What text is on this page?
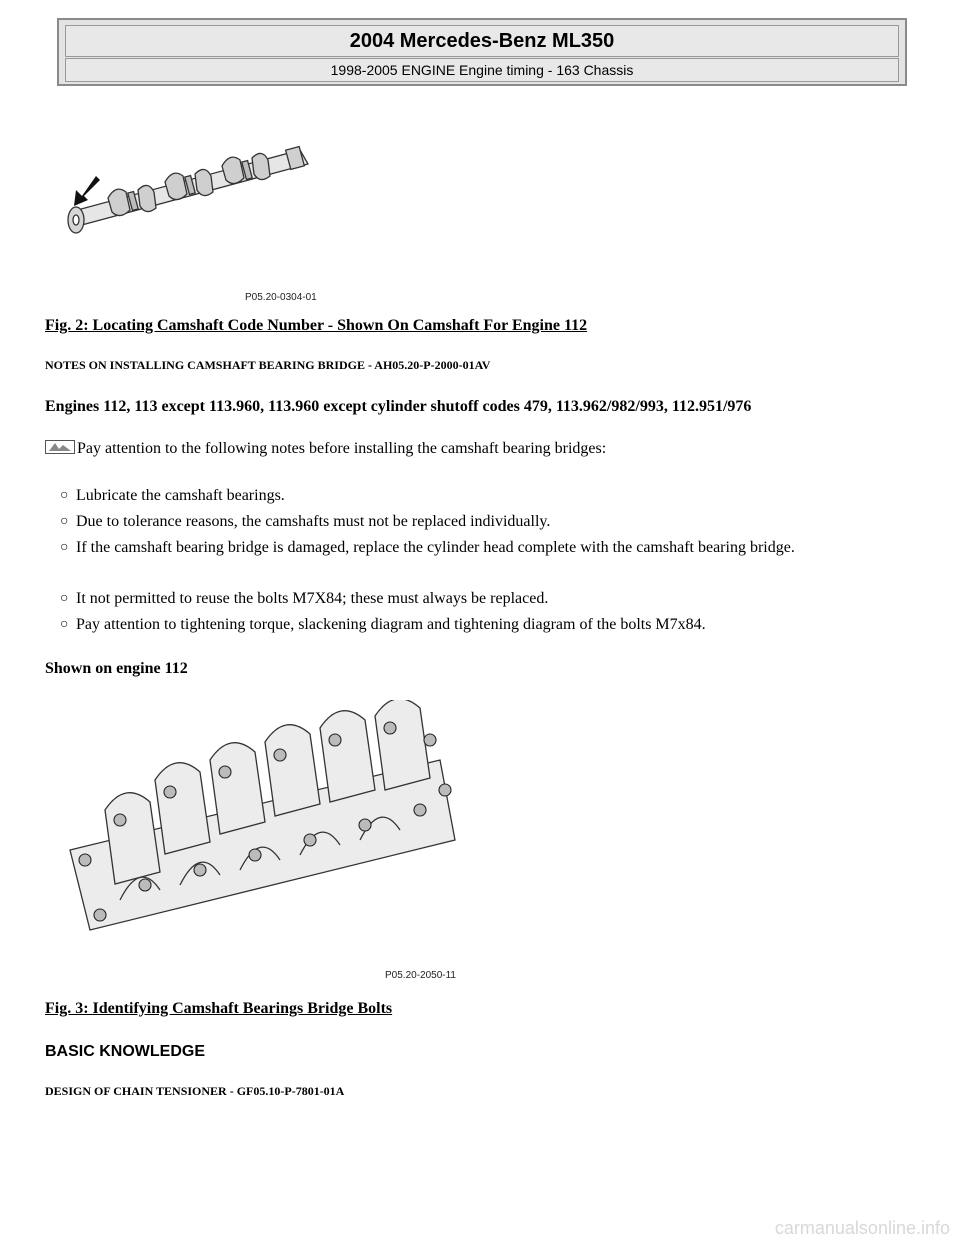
2004 Mercedes-Benz ML350
1998-2005 ENGINE Engine timing - 163 Chassis
P05.20-0304-01
Fig. 2: Locating Camshaft Code Number - Shown On Camshaft For Engine 112
NOTES ON INSTALLING CAMSHAFT BEARING BRIDGE - AH05.20-P-2000-01AV
Engines 112, 113 except 113.960, 113.960 except cylinder shutoff codes 479, 113.962/982/993, 112.951/976
Pay attention to the following notes before installing the camshaft bearing bridges:
○ Lubricate the camshaft bearings.
○ Due to tolerance reasons, the camshafts must not be replaced individually.
○ If the camshaft bearing bridge is damaged, replace the cylinder head complete with the camshaft bearing bridge.
○ It not permitted to reuse the bolts M7X84; these must always be replaced.
○ Pay attention to tightening torque, slackening diagram and tightening diagram of the bolts M7x84.
Shown on engine 112
P05.20-2050-11
Fig. 3: Identifying Camshaft Bearings Bridge Bolts
BASIC KNOWLEDGE
DESIGN OF CHAIN TENSIONER - GF05.10-P-7801-01A
carmanualsonline.info
